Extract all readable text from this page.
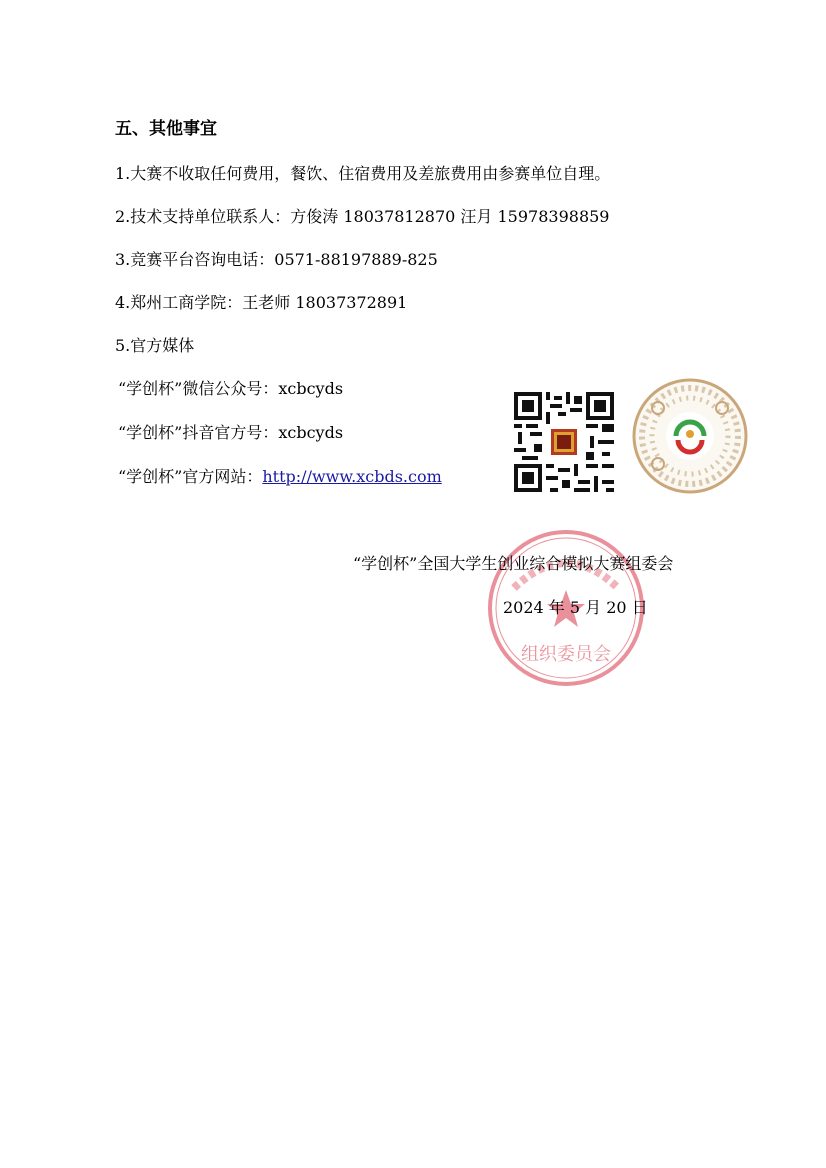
五、其他事宜
1.大赛不收取任何费用，餐饮、住宿费用及差旅费用由参赛单位自理。
2.技术支持单位联系人：方俊涛 18037812870 汪月 15978398859
3.竞赛平台咨询电话：0571-88197889-825
4.郑州工商学院：王老师 18037372891
5.官方媒体
“学创杯”微信公众号：xcbcyds
“学创杯”抖音官方号：xcbcyds
“学创杯”官方网站：http://www.xcbds.com
组织委员会
“学创杯”全国大学生创业综合模拟大赛组委会
2024 年 5 月 20 日
